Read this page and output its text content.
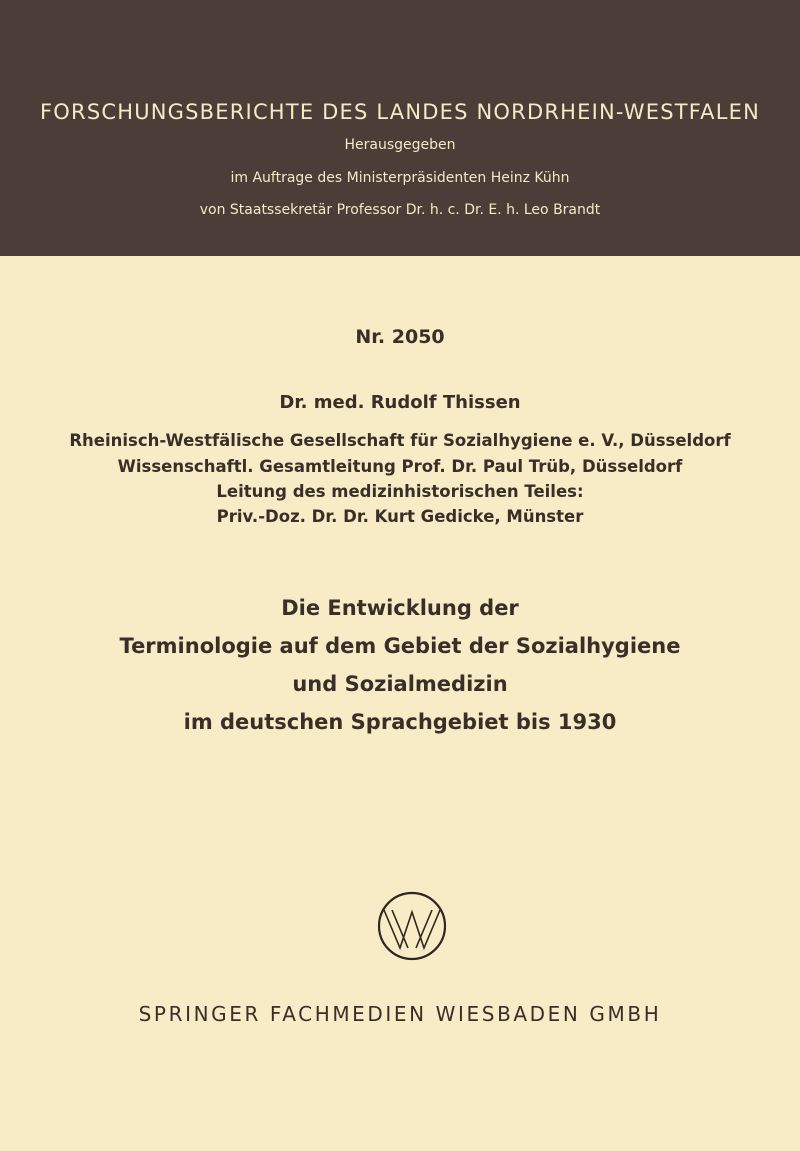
FORSCHUNGSBERICHTE DES LANDES NORDRHEIN-WESTFALEN
Herausgegeben
im Auftrage des Ministerpräsidenten Heinz Kühn
von Staatssekretär Professor Dr. h. c. Dr. E. h. Leo Brandt
Nr. 2050
Dr. med. Rudolf Thissen
Rheinisch-Westfälische Gesellschaft für Sozialhygiene e. V., Düsseldorf
Wissenschaftl. Gesamtleitung Prof. Dr. Paul Trüb, Düsseldorf
Leitung des medizinhistorischen Teiles:
Priv.-Doz. Dr. Dr. Kurt Gedicke, Münster
Die Entwicklung der
Terminologie auf dem Gebiet der Sozialhygiene
und Sozialmedizin
im deutschen Sprachgebiet bis 1930
SPRINGER FACHMEDIEN WIESBADEN GMBH
